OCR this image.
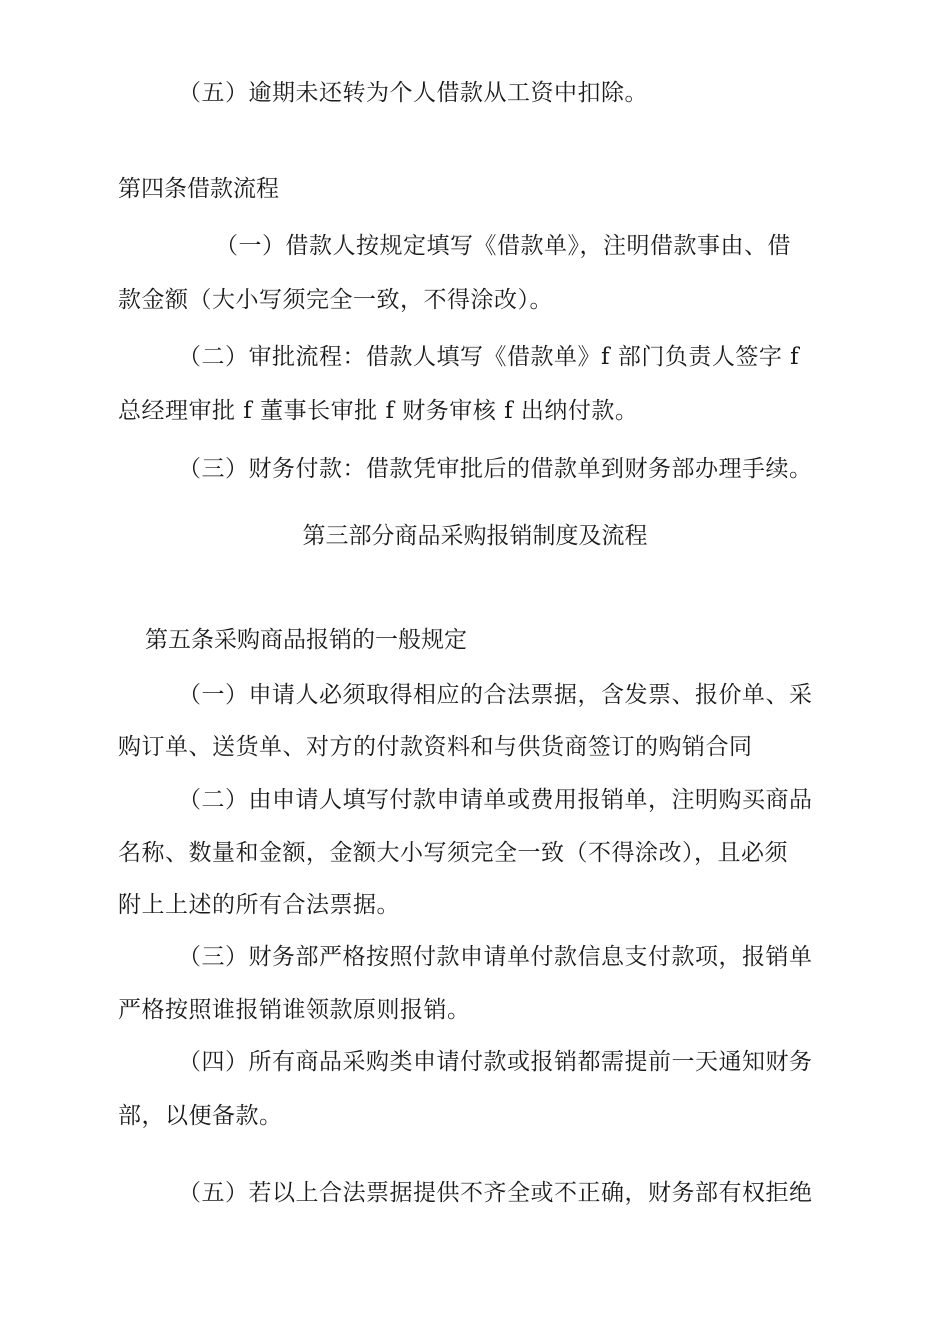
（五）逾期未还转为个人借款从工资中扣除。
第四条借款流程
（一）借款人按规定填写《借款单》，注明借款事由、借
款金额（大小写须完全一致，不得涂改）。
（二）审批流程：借款人填写《借款单》f 部门负责人签字 f
总经理审批 f 董事长审批 f 财务审核 f 出纳付款。
（三）财务付款：借款凭审批后的借款单到财务部办理手续。
第三部分商品采购报销制度及流程
第五条采购商品报销的一般规定
（一）申请人必须取得相应的合法票据，含发票、报价单、采
购订单、送货单、对方的付款资料和与供货商签订的购销合同
（二）由申请人填写付款申请单或费用报销单，注明购买商品
名称、数量和金额，金额大小写须完全一致（不得涂改），且必须
附上上述的所有合法票据。
（三）财务部严格按照付款申请单付款信息支付款项，报销单
严格按照谁报销谁领款原则报销。
（四）所有商品采购类申请付款或报销都需提前一天通知财务
部，以便备款。
（五）若以上合法票据提供不齐全或不正确，财务部有权拒绝
